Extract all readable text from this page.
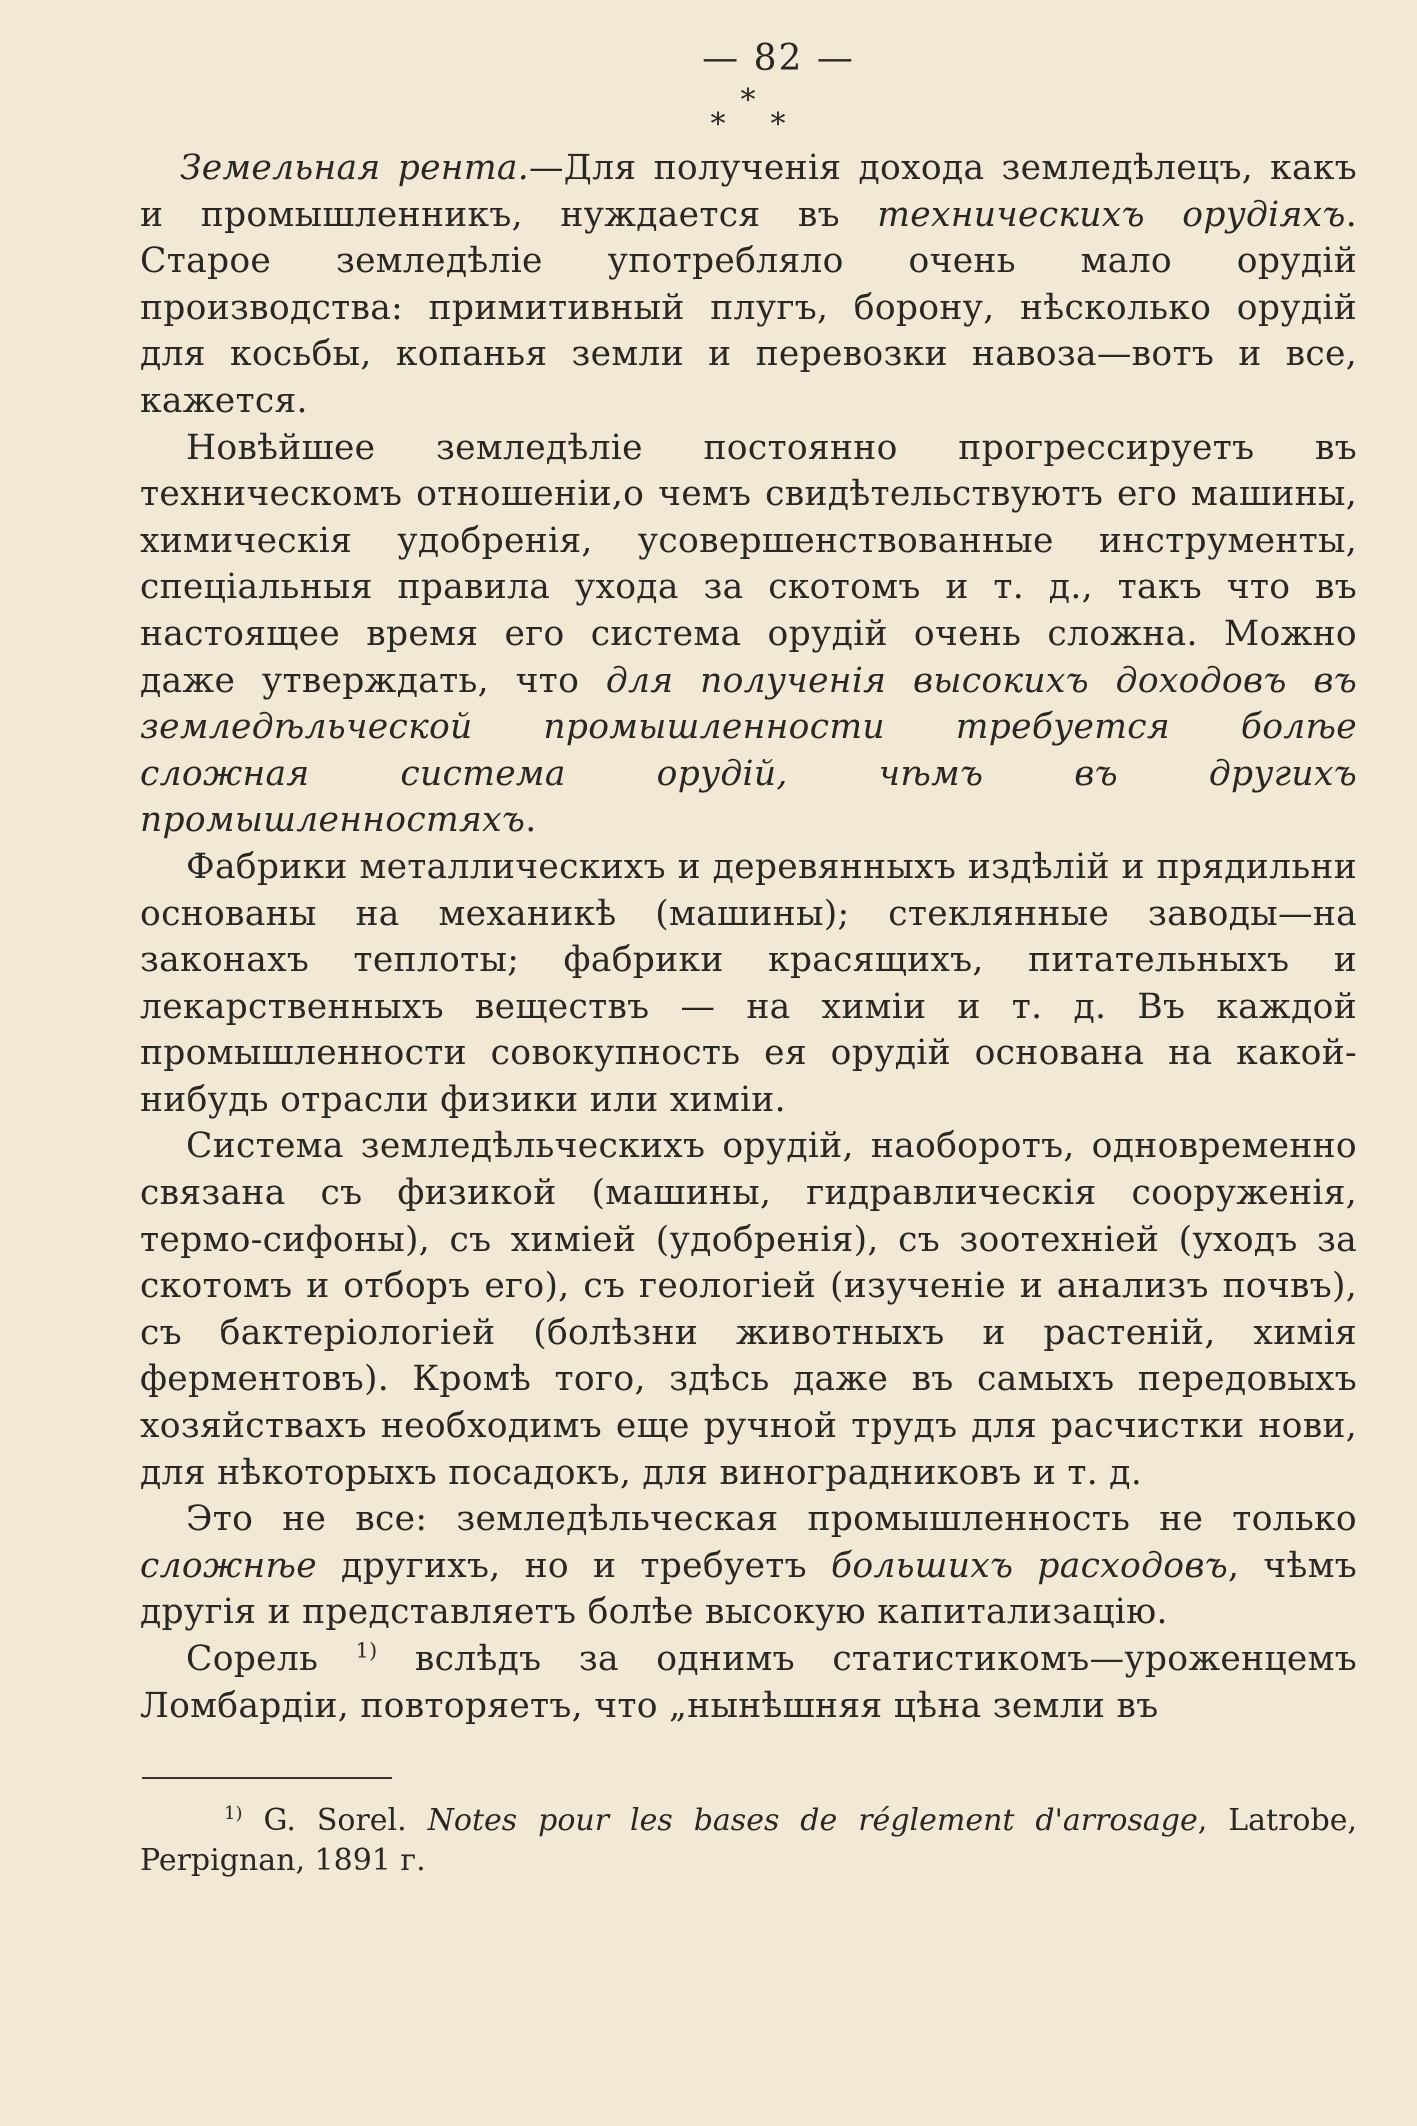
— 82 —
*
* *

Земельная рента.—Для полученія дохода земледѣлецъ, какъ и промышленникъ, нуждается въ техническихъ орудіяхъ. Старое земледѣліе употребляло очень мало орудій производства: примитивный плугъ, борону, нѣсколько орудій для косьбы, копанья земли и перевозки навоза—вотъ и все, кажется.

Новѣйшее земледѣліе постоянно прогрессируетъ въ техническомъ отношеніи,о чемъ свидѣтельствуютъ его машины, химическія удобренія, усовершенствованные инструменты, спеціальныя правила ухода за скотомъ и т. д., такъ что въ настоящее время его система орудій очень сложна. Можно даже утверждать, что для полученія высокихъ доходовъ въ земледѣльческой промышленности требуется болѣе сложная система орудій, чѣмъ въ другихъ промышленностяхъ.

Фабрики металлическихъ и деревянныхъ издѣлій и прядильни основаны на механикѣ (машины); стеклянные заводы—на законахъ теплоты; фабрики красящихъ, питательныхъ и лекарственныхъ веществъ — на химіи и т. д. Въ каждой промышленности совокупность ея орудій основана на какой-нибудь отрасли физики или химіи.

Система земледѣльческихъ орудій, наоборотъ, одновременно связана съ физикой (машины, гидравлическія сооруженія, термо-сифоны), съ химіей (удобренія), съ зоотехніей (уходъ за скотомъ и отборъ его), съ геологіей (изученіе и анализъ почвъ), съ бактеріологіей (болѣзни животныхъ и растеній, химія ферментовъ). Кромѣ того, здѣсь даже въ самыхъ передовыхъ хозяйствахъ необходимъ еще ручной трудъ для расчистки нови, для нѣкоторыхъ посадокъ, для виноградниковъ и т. д.

Это не все: земледѣльческая промышленность не только сложнѣе другихъ, но и требуетъ большихъ расходовъ, чѣмъ другія и представляетъ болѣе высокую капитализацію.

Сорель $^{1)}$ вслѣдъ за однимъ статистикомъ—уроженцемъ Ломбардіи, повторяетъ, что „нынѣшняя цѣна земли въ

$^{1)}$ G. Sorel. Notes pour les bases de réglement d'arrosage, Latrobe, Perpignan, 1891 г.
